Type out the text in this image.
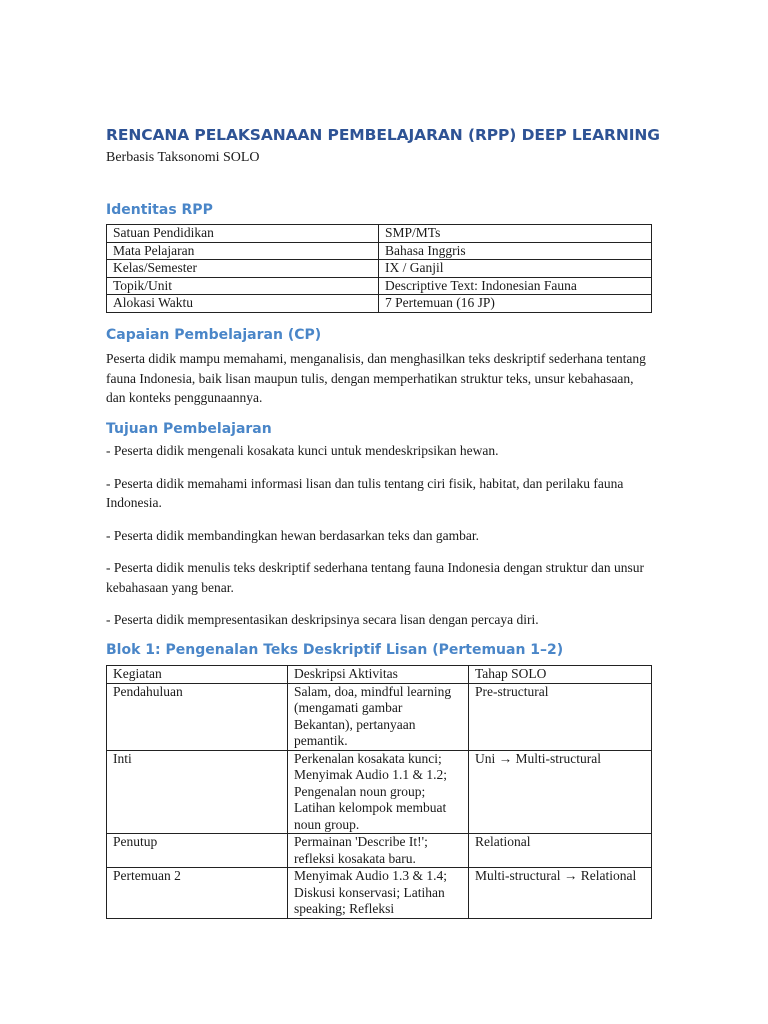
RENCANA PELAKSANAAN PEMBELAJARAN (RPP) DEEP LEARNING

Berbasis Taksonomi SOLO

Identitas RPP
Satuan Pendidikan	SMP/MTs
Mata Pelajaran	Bahasa Inggris
Kelas/Semester	IX / Ganjil
Topik/Unit	Descriptive Text: Indonesian Fauna
Alokasi Waktu	7 Pertemuan (16 JP)
Capaian Pembelajaran (CP)

Peserta didik mampu memahami, menganalisis, dan menghasilkan teks deskriptif sederhana tentang fauna Indonesia, baik lisan maupun tulis, dengan memperhatikan struktur teks, unsur kebahasaan, dan konteks penggunaannya.

Tujuan Pembelajaran

- Peserta didik mengenali kosakata kunci untuk mendeskripsikan hewan.

- Peserta didik memahami informasi lisan dan tulis tentang ciri fisik, habitat, dan perilaku fauna Indonesia.

- Peserta didik membandingkan hewan berdasarkan teks dan gambar.

- Peserta didik menulis teks deskriptif sederhana tentang fauna Indonesia dengan struktur dan unsur kebahasaan yang benar.

- Peserta didik mempresentasikan deskripsinya secara lisan dengan percaya diri.

Blok 1: Pengenalan Teks Deskriptif Lisan (Pertemuan 1–2)
Kegiatan	Deskripsi Aktivitas	Tahap SOLO
Pendahuluan	Salam, doa, mindful learning (mengamati gambar Bekantan), pertanyaan pemantik.	Pre-structural
Inti	Perkenalan kosakata kunci; Menyimak Audio 1.1 & 1.2; Pengenalan noun group; Latihan kelompok membuat noun group.	Uni → Multi-structural
Penutup	Permainan 'Describe It!'; refleksi kosakata baru.	Relational
Pertemuan 2	Menyimak Audio 1.3 & 1.4; Diskusi konservasi; Latihan speaking; Refleksi	Multi-structural → Relational
